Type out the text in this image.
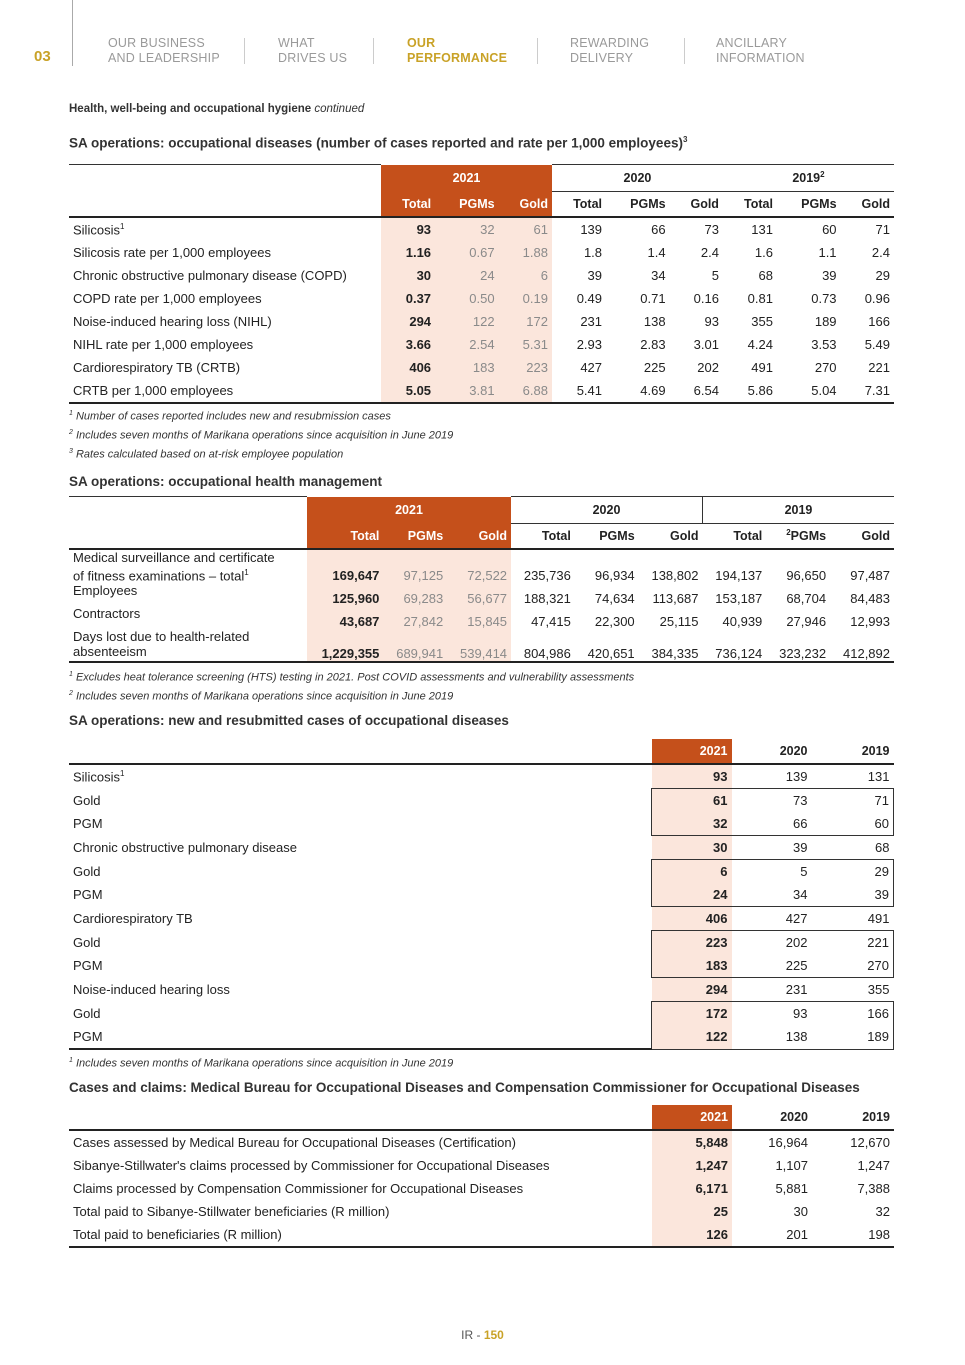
03
OUR BUSINESS
AND LEADERSHIP
WHAT
DRIVES US
OUR
PERFORMANCE
REWARDING
DELIVERY
ANCILLARY
INFORMATION
Health, well-being and occupational hygiene continued
SA operations: occupational diseases (number of cases reported and rate per 1,000 employees)$^3$
	2021			2020			2019$^2$
	Total	PGMs	Gold	Total	PGMs	Gold	Total	PGMs	Gold
Silicosis$^1$	93	32	61	139	66	73	131	60	71
Silicosis rate per 1,000 employees	1.16	0.67	1.88	1.8	1.4	2.4	1.6	1.1	2.4
Chronic obstructive pulmonary disease (COPD)	30	24	6	39	34	5	68	39	29
COPD rate per 1,000 employees	0.37	0.50	0.19	0.49	0.71	0.16	0.81	0.73	0.96
Noise-induced hearing loss (NIHL)	294	122	172	231	138	93	355	189	166
NIHL rate per 1,000 employees	3.66	2.54	5.31	2.93	2.83	3.01	4.24	3.53	5.49
Cardiorespiratory TB (CRTB)	406	183	223	427	225	202	491	270	221
CRTB per 1,000 employees	5.05	3.81	6.88	5.41	4.69	6.54	5.86	5.04	7.31
$^1$ Number of cases reported includes new and resubmission cases
$^2$ Includes seven months of Marikana operations since acquisition in June 2019
$^3$ Rates calculated based on at-risk employee population
SA operations: occupational health management
	2021			2020			2019		
	Total	PGMs	Gold	Total	PGMs	Gold	Total	$^2$PGMs	Gold

Medical surveillance and certificate
of fitness examinations – total$^1$	169,647	97,125	72,522	235,736	96,934	138,802	194,137	96,650	97,487
Employees	125,960	69,283	56,677	188,321	74,634	113,687	153,187	68,704	84,483
Contractors	43,687	27,842	15,845	47,415	22,300	25,115	40,939	27,946	12,993

Days lost due to health-related
absenteeism	1,229,355	689,941	539,414	804,986	420,651	384,335	736,124	323,232	412,892
$^1$ Excludes heat tolerance screening (HTS) testing in 2021. Post COVID assessments and vulnerability assessments
$^2$ Includes seven months of Marikana operations since acquisition in June 2019
SA operations: new and resubmitted cases of occupational diseases
	2021	2020	2019
Silicosis$^1$	93	139	131
Gold	61	73	71
PGM	32	66	60
Chronic obstructive pulmonary disease	30	39	68
Gold	6	5	29
PGM	24	34	39
Cardiorespiratory TB	406	427	491
Gold	223	202	221
PGM	183	225	270
Noise-induced hearing loss	294	231	355
Gold	172	93	166
PGM	122	138	189
$^1$ Includes seven months of Marikana operations since acquisition in June 2019
Cases and claims: Medical Bureau for Occupational Diseases and Compensation Commissioner for Occupational Diseases
	2021	2020	2019
Cases assessed by Medical Bureau for Occupational Diseases (Certification)	5,848	16,964	12,670
Sibanye-Stillwater's claims processed by Commissioner for Occupational Diseases	1,247	1,107	1,247
Claims processed by Compensation Commissioner for Occupational Diseases	6,171	5,881	7,388
Total paid to Sibanye-Stillwater beneficiaries (R million)	25	30	32
Total paid to beneficiaries (R million)	126	201	198
IR - 150
